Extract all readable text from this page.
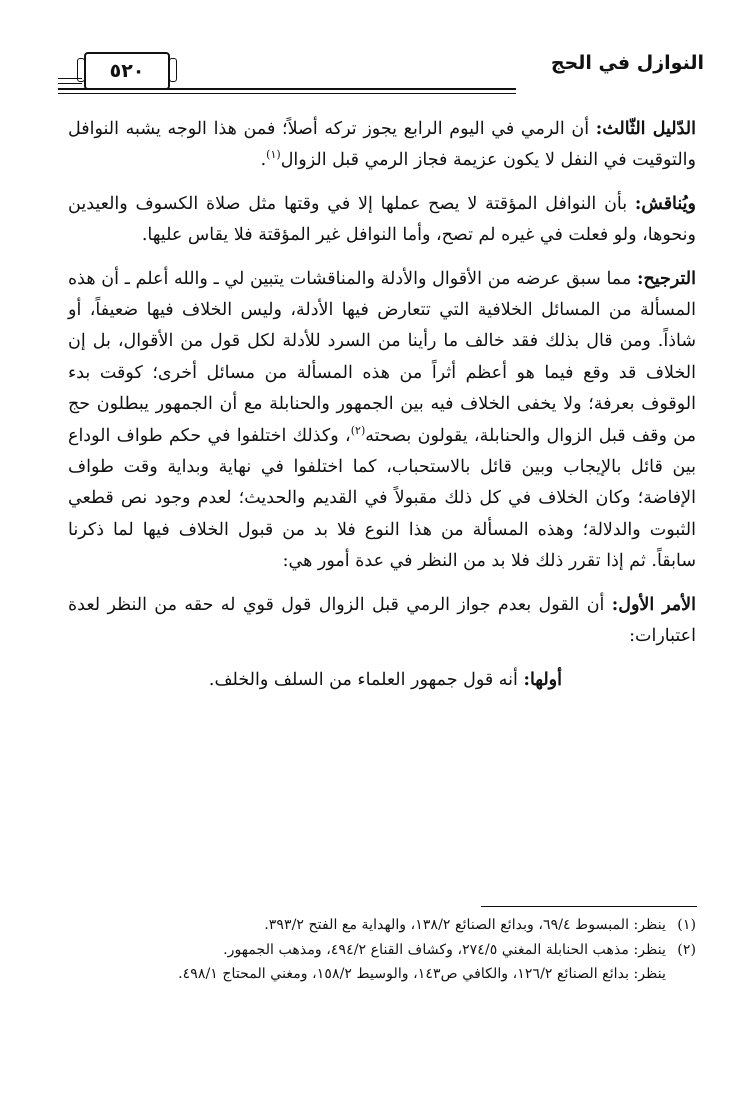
٥٢٠	النوازل في الحج

الدّليل الثّالث: أن الرمي في اليوم الرابع يجوز تركه أصلاً؛ فمن هذا الوجه يشبه النوافل والتوقيت في النفل لا يكون عزيمة فجاز الرمي قبل الزوال$^{(١)}$.

ويُناقش: بأن النوافل المؤقتة لا يصح عملها إلا في وقتها مثل صلاة الكسوف والعيدين ونحوها، ولو فعلت في غيره لم تصح، وأما النوافل غير المؤقتة فلا يقاس عليها.

الترجيح: مما سبق عرضه من الأقوال والأدلة والمناقشات يتبين لي ـ والله أعلم ـ أن هذه المسألة من المسائل الخلافية التي تتعارض فيها الأدلة، وليس الخلاف فيها ضعيفاً، أو شاذاً. ومن قال بذلك فقد خالف ما رأينا من السرد للأدلة لكل قول من الأقوال، بل إن الخلاف قد وقع فيما هو أعظم أثراً من هذه المسألة من مسائل أخرى؛ كوقت بدء الوقوف بعرفة؛ ولا يخفى الخلاف فيه بين الجمهور والحنابلة مع أن الجمهور يبطلون حج من وقف قبل الزوال والحنابلة، يقولون بصحته$^{(٢)}$، وكذلك اختلفوا في حكم طواف الوداع بين قائل بالإيجاب وبين قائل بالاستحباب، كما اختلفوا في نهاية وبداية وقت طواف الإفاضة؛ وكان الخلاف في كل ذلك مقبولاً في القديم والحديث؛ لعدم وجود نص قطعي الثبوت والدلالة؛ وهذه المسألة من هذا النوع فلا بد من قبول الخلاف فيها لما ذكرنا سابقاً. ثم إذا تقرر ذلك فلا بد من النظر في عدة أمور هي:

الأمر الأول: أن القول بعدم جواز الرمي قبل الزوال قول قوي له حقه من النظر لعدة اعتبارات:

أولها: أنه قول جمهور العلماء من السلف والخلف.

(١)ينظر: المبسوط ٦٩/٤، وبدائع الصنائع ١٣٨/٢، والهداية مع الفتح ٣٩٣/٢.

(٢)ينظر: مذهب الحنابلة المغني ٢٧٤/٥، وكشاف القناع ٤٩٤/٢، ومذهب الجمهور.

ينظر: بدائع الصنائع ١٢٦/٢، والكافي ص١٤٣، والوسيط ١٥٨/٢، ومغني المحتاج ٤٩٨/١.
